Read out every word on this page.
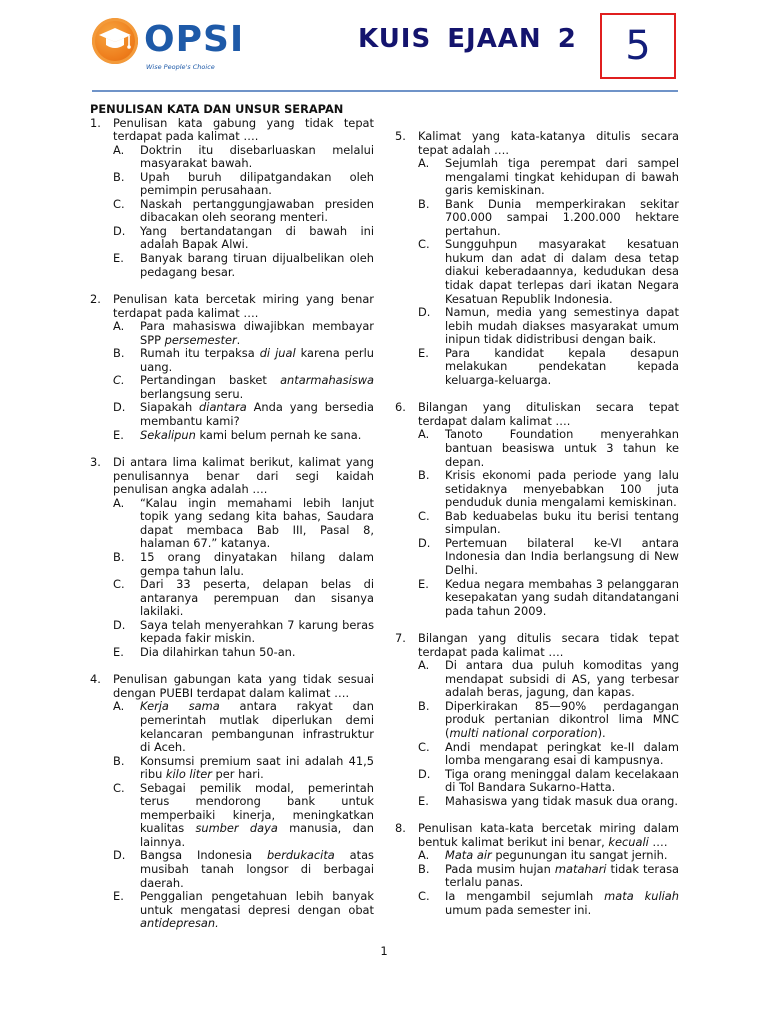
OPSI
Wise People's Choice
KUIS EJAAN 2 5

PENULISAN KATA DAN UNSUR SERAPAN

1.	Penulisan kata gabung yang tidak tepat terdapat pada kalimat ….
A.	Doktrin itu disebarluaskan melalui masyarakat bawah.
B.	Upah buruh dilipatgandakan oleh pemimpin perusahaan.
C.	Naskah pertanggungjawaban presiden dibacakan oleh seorang menteri.
D.	Yang bertandatangan di bawah ini adalah Bapak Alwi.
E.	Banyak barang tiruan dijualbelikan oleh pedagang besar.
2.	Penulisan kata bercetak miring yang benar terdapat pada kalimat ….
A.	Para mahasiswa diwajibkan membayar SPP persemester.
B.	Rumah itu terpaksa di jual karena perlu uang.
C.	Pertandingan basket antarmahasiswa berlangsung seru.
D.	Siapakah diantara Anda yang bersedia membantu kami?
E.	Sekalipun kami belum pernah ke sana.
3.	Di antara lima kalimat berikut, kalimat yang penulisannya benar dari segi kaidah penulisan angka adalah ….
A.	“Kalau ingin memahami lebih lanjut topik yang sedang kita bahas, Saudara dapat membaca Bab III, Pasal 8, halaman 67.” katanya.
B.	15 orang dinyatakan hilang dalam gempa tahun lalu.
C.	Dari 33 peserta, delapan belas di antaranya perempuan dan sisanya lakilaki.
D.	Saya telah menyerahkan 7 karung beras kepada fakir miskin.
E.	Dia dilahirkan tahun 50-an.
4.	Penulisan gabungan kata yang tidak sesuai dengan PUEBI terdapat dalam kalimat ….
A.	Kerja sama antara rakyat dan pemerintah mutlak diperlukan demi kelancaran pembangunan infrastruktur di Aceh.
B.	Konsumsi premium saat ini adalah 41,5 ribu kilo liter per hari.
C.	Sebagai pemilik modal, pemerintah terus mendorong bank untuk memperbaiki kinerja, meningkatkan kualitas sumber daya manusia, dan lainnya.
D.	Bangsa Indonesia berdukacita atas musibah tanah longsor di berbagai daerah.
E.	Penggalian pengetahuan lebih banyak untuk mengatasi depresi dengan obat antidepresan.
5.	Kalimat yang kata-katanya ditulis secara tepat adalah ….
A.	Sejumlah tiga perempat dari sampel mengalami tingkat kehidupan di bawah garis kemiskinan.
B.	Bank Dunia memperkirakan sekitar 700.000 sampai 1.200.000 hektare pertahun.
C.	Sungguhpun masyarakat kesatuan hukum dan adat di dalam desa tetap diakui keberadaannya, kedudukan desa tidak dapat terlepas dari ikatan Negara Kesatuan Republik Indonesia.
D.	Namun, media yang semestinya dapat lebih mudah diakses masyarakat umum inipun tidak didistribusi dengan baik.
E.	Para kandidat kepala desapun melakukan pendekatan kepada keluarga-keluarga.
6.	Bilangan yang dituliskan secara tepat terdapat dalam kalimat ….
A.	Tanoto Foundation menyerahkan bantuan beasiswa untuk 3 tahun ke depan.
B.	Krisis ekonomi pada periode yang lalu setidaknya menyebabkan 100 juta penduduk dunia mengalami kemiskinan.
C.	Bab keduabelas buku itu berisi tentang simpulan.
D.	Pertemuan bilateral ke-VI antara Indonesia dan India berlangsung di New Delhi.
E.	Kedua negara membahas 3 pelanggaran kesepakatan yang sudah ditandatangani pada tahun 2009.
7.	Bilangan yang ditulis secara tidak tepat terdapat pada kalimat ….
A.	Di antara dua puluh komoditas yang mendapat subsidi di AS, yang terbesar adalah beras, jagung, dan kapas.
B.	Diperkirakan 85—90% perdagangan produk pertanian dikontrol lima MNC (multi national corporation).
C.	Andi mendapat peringkat ke-II dalam lomba mengarang esai di kampusnya.
D.	Tiga orang meninggal dalam kecelakaan di Tol Bandara Sukarno-Hatta.
E.	Mahasiswa yang tidak masuk dua orang.
8.	Penulisan kata-kata bercetak miring dalam bentuk kalimat berikut ini benar, kecuali ….
A.	Mata air pegunungan itu sangat jernih.
B.	Pada musim hujan matahari tidak terasa terlalu panas.
C.	Ia mengambil sejumlah mata kuliah umum pada semester ini.
1
